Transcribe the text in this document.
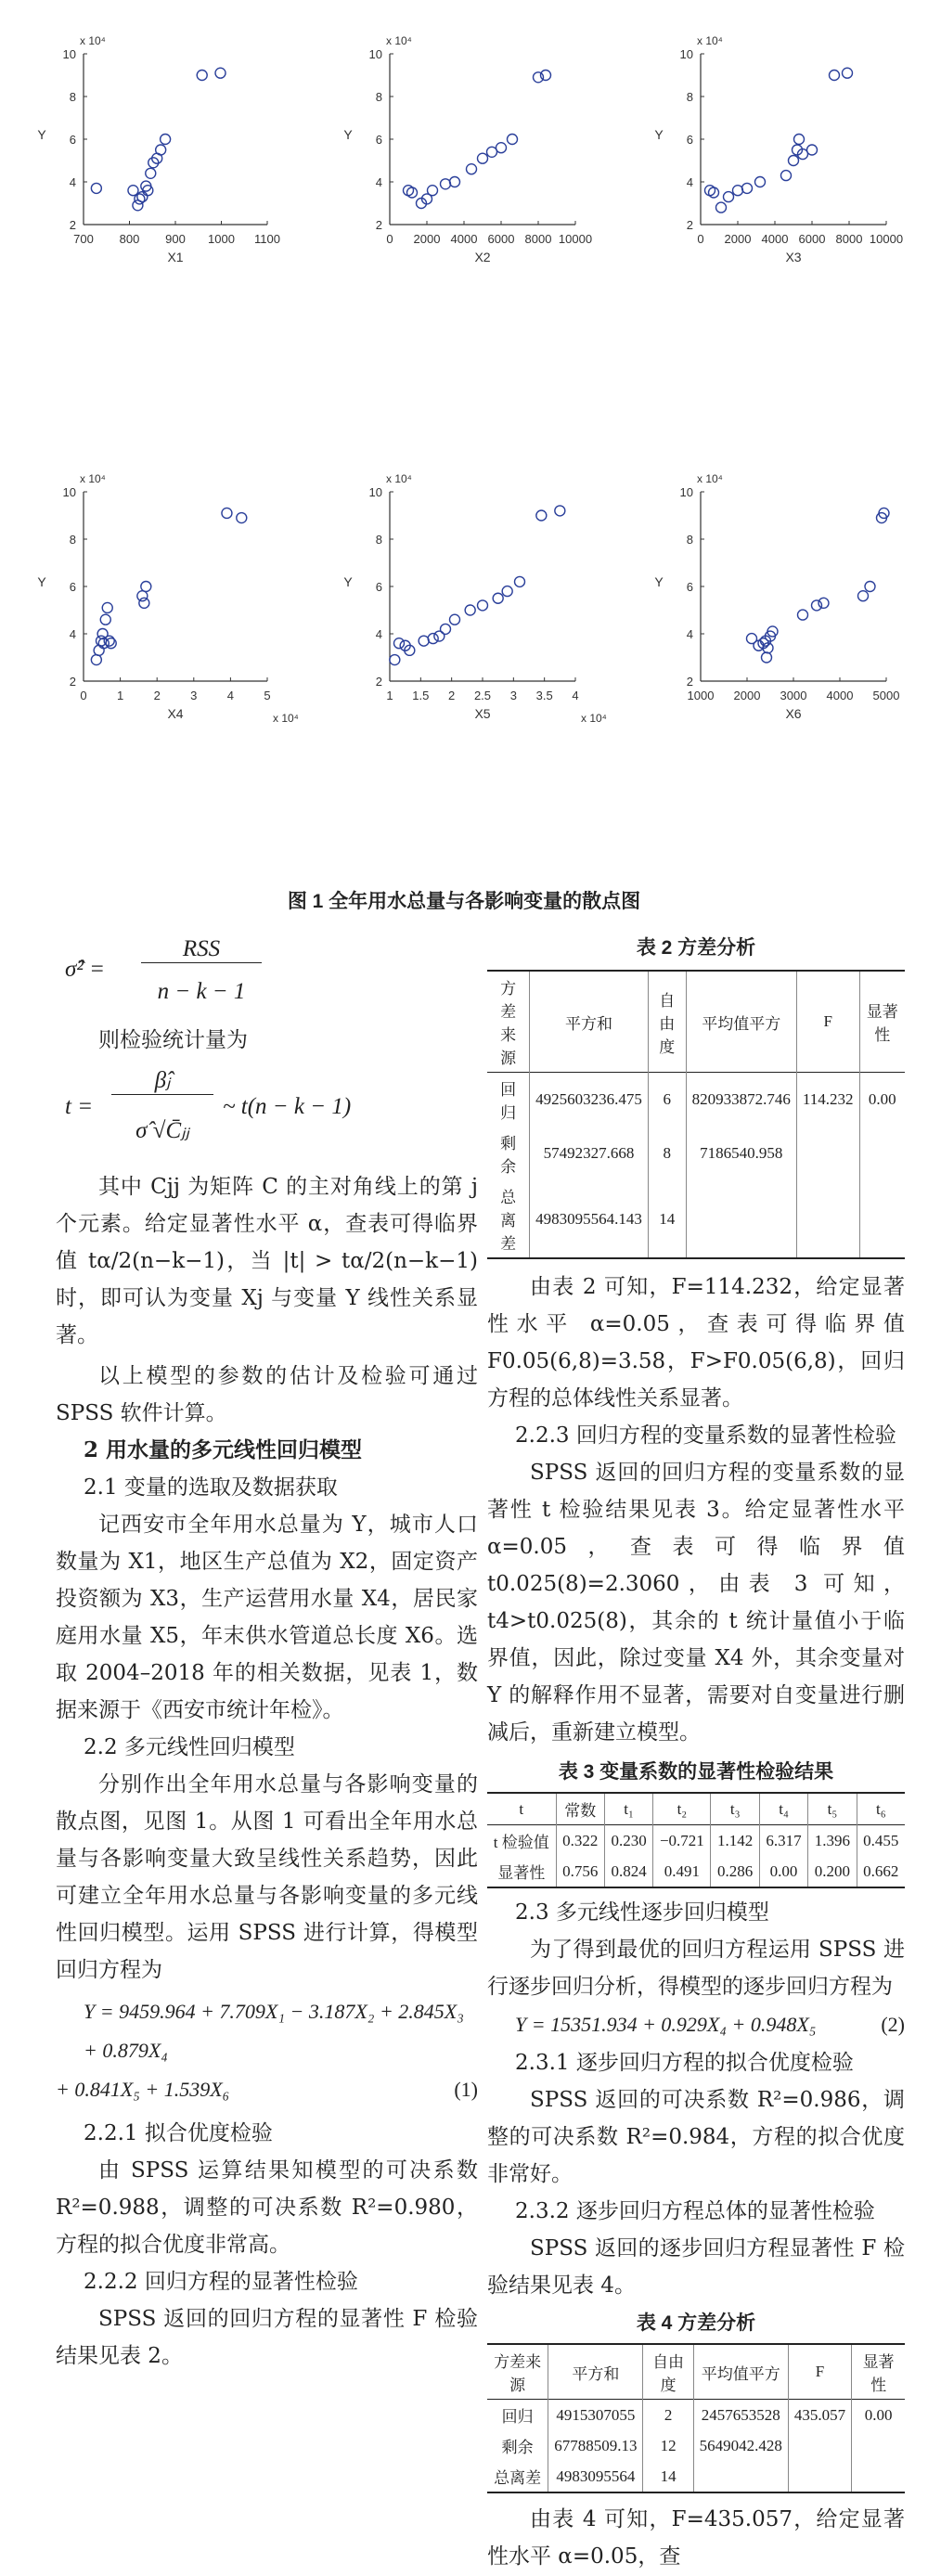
2
4
6
8
10
700 800 900 1000 1100
x 10⁴
Y
X1
2
4
6
8
10
0 2000 4000 6000 8000 10000
x 10⁴
Y
X2
2
4
6
8
10
0 2000 4000 6000 8000 10000
x 10⁴
Y
X3
2
4
6
8
10
0 1 2 3 4 5
x 10⁴
Y
X4	x 10⁴
2
4
6
8
10
1 1.5 2 2.5 3 3.5 4
x 10⁴
Y
X5	x 10⁴
2
4
6
8
10
1000 2000 3000 4000 5000
x 10⁴
Y
X6
图 1 全年用水总量与各影响变量的散点图
σ̂² =
RSS
n − k − 1

则检验统计量为

t =
β̂ⱼ
σ̂ √C̄ⱼⱼ
~ t(n − k − 1)

其中 Cjj 为矩阵 C 的主对角线上的第 j 个元素。给定显著性水平 α，查表可得临界值 tα/2(n−k−1)，当 |t| > tα/2(n−k−1)时，即可认为变量 Xj 与变量 Y 线性关系显著。

以上模型的参数的估计及检验可通过 SPSS 软件计算。

2 用水量的多元线性回归模型

2.1 变量的选取及数据获取

记西安市全年用水总量为 Y，城市人口数量为 X1，地区生产总值为 X2，固定资产投资额为 X3，生产运营用水量 X4，居民家庭用水量 X5，年末供水管道总长度 X6。选取 2004–2018 年的相关数据，见表 1，数据来源于《西安市统计年检》。

2.2 多元线性回归模型

分别作出全年用水总量与各影响变量的散点图，见图 1。从图 1 可看出全年用水总量与各影响变量大致呈线性关系趋势，因此可建立全年用水总量与各影响变量的多元线性回归模型。运用 SPSS 进行计算，得模型回归方程为

Y = 9459.964 + 7.709X₁ − 3.187X₂ + 2.845X₃ + 0.879X₄
+ 0.841X₅ + 1.539X₆	(1)

2.2.1 拟合优度检验

由 SPSS 运算结果知模型的可决系数 R²=0.988，调整的可决系数 R²=0.980，方程的拟合优度非常高。

2.2.2 回归方程的显著性检验

SPSS 返回的回归方程的显著性 F 检验结果见表 2。

表 2 方差分析
方差来源	平方和	自由度	平均值平方	F	显著性
回归	4925603236.475	6	820933872.746	114.232	0.00
剩余	57492327.668	8	7186540.958		
总离差	4983095564.143	14			

由表 2 可知，F=114.232，给定显著性水平 α=0.05，查表可得临界值 F0.05(6,8)=3.58，F>F0.05(6,8)，回归方程的总体线性关系显著。

2.2.3 回归方程的变量系数的显著性检验

SPSS 返回的回归方程的变量系数的显著性 t 检验结果见表 3。给定显著性水平 α=0.05，查表可得临界值 t0.025(8)=2.3060，由表 3 可知，t4>t0.025(8)，其余的 t 统计量值小于临界值，因此，除过变量 X4 外，其余变量对 Y 的解释作用不显著，需要对自变量进行删减后，重新建立模型。

表 3 变量系数的显著性检验结果
t	常数	t₁	t₂	t₃	t₄	t₅	t₆
t 检验值	0.322	0.230	−0.721	1.142	6.317	1.396	0.455
显著性	0.756	0.824	0.491	0.286	0.00	0.200	0.662

2.3 多元线性逐步回归模型

为了得到最优的回归方程运用 SPSS 进行逐步回归分析，得模型的逐步回归方程为

Y = 15351.934 + 0.929X₄ + 0.948X₅	(2)

2.3.1 逐步回归方程的拟合优度检验

SPSS 返回的可决系数 R²=0.986，调整的可决系数 R²=0.984，方程的拟合优度非常好。

2.3.2 逐步回归方程总体的显著性检验

SPSS 返回的逐步回归方程显著性 F 检验结果见表 4。

表 4 方差分析
方差来源	平方和	自由度	平均值平方	F	显著性
回归	4915307055	2	2457653528	435.057	0.00
剩余	67788509.13	12	5649042.428		
总离差	4983095564	14			

由表 4 可知，F=435.057，给定显著性水平 α=0.05，查
